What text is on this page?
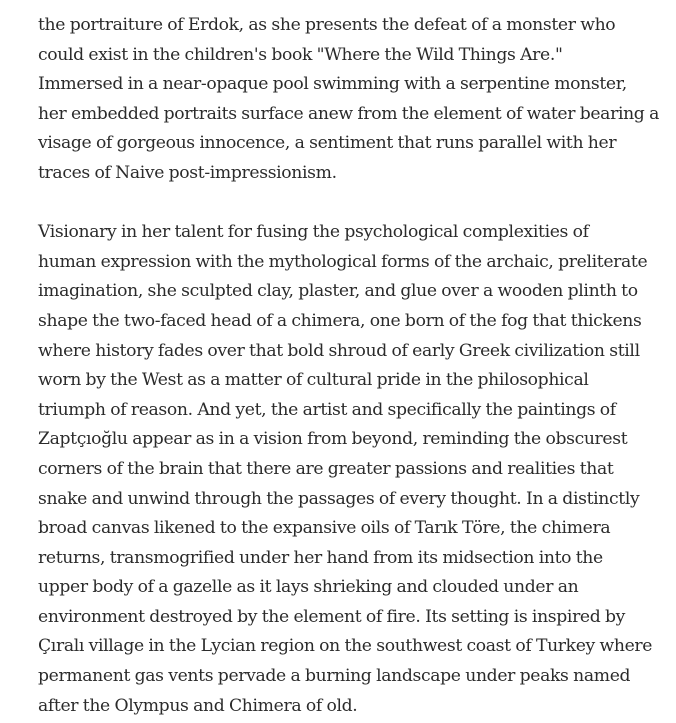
the portraiture of Erdok, as she presents the defeat of a monster who
could exist in the children's book "Where the Wild Things Are."
Immersed in a near-opaque pool swimming with a serpentine monster,
her embedded portraits surface anew from the element of water bearing a
visage of gorgeous innocence, a sentiment that runs parallel with her
traces of Naive post-impressionism.

Visionary in her talent for fusing the psychological complexities of
human expression with the mythological forms of the archaic, preliterate
imagination, she sculpted clay, plaster, and glue over a wooden plinth to
shape the two-faced head of a chimera, one born of the fog that thickens
where history fades over that bold shroud of early Greek civilization still
worn by the West as a matter of cultural pride in the philosophical
triumph of reason. And yet, the artist and specifically the paintings of
Zaptçıoğlu appear as in a vision from beyond, reminding the obscurest
corners of the brain that there are greater passions and realities that
snake and unwind through the passages of every thought. In a distinctly
broad canvas likened to the expansive oils of Tarık Töre, the chimera
returns, transmogrified under her hand from its midsection into the
upper body of a gazelle as it lays shrieking and clouded under an
environment destroyed by the element of fire. Its setting is inspired by
Çıralı village in the Lycian region on the southwest coast of Turkey where
permanent gas vents pervade a burning landscape under peaks named
after the Olympus and Chimera of old.
